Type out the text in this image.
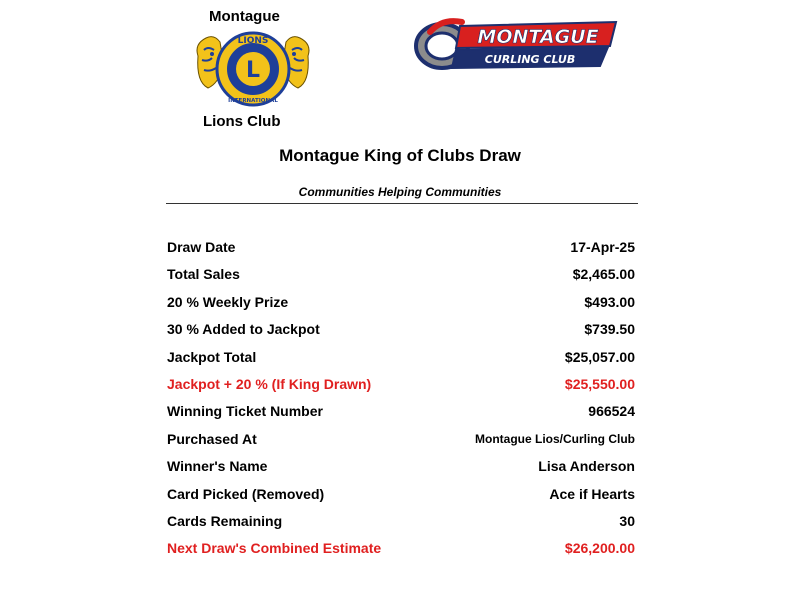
Montague
L
LIONS
INTERNATIONAL
Lions Club
MONTAGUE
CURLING CLUB
Montague King of Clubs Draw
Communities Helping Communities
Draw Date	17-Apr-25
Total Sales	$2,465.00
20 % Weekly Prize	$493.00
30 % Added to Jackpot	$739.50
Jackpot Total	$25,057.00
Jackpot + 20 % (If King Drawn)	$25,550.00
Winning Ticket Number	966524
Purchased At	Montague Lios/Curling Club
Winner's Name	Lisa Anderson
Card Picked (Removed)	Ace if Hearts
Cards Remaining	30
Next Draw's Combined Estimate	$26,200.00
